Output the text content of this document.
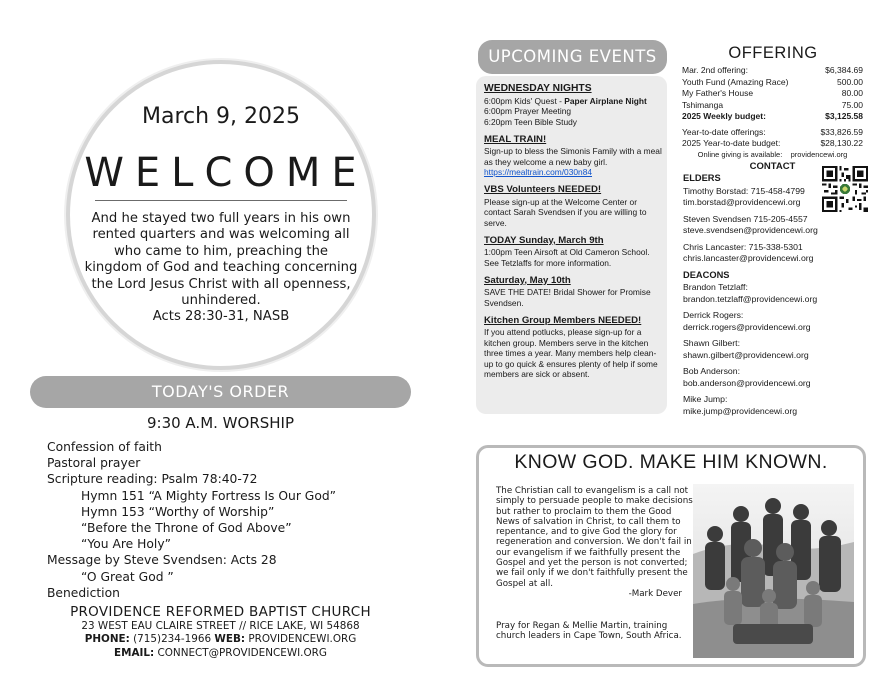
March 9, 2025
WELCOME
And he stayed two full years in his own rented quarters and was welcoming all who came to him, preaching the kingdom of God and teaching concerning the Lord Jesus Christ with all openness, unhindered.
Acts 28:30-31, NASB
TODAY'S ORDER
9:30 A.M. WORSHIP
Confession of faith
Pastoral prayer
Scripture reading: Psalm 78:40-72
Hymn 151 “A Mighty Fortress Is Our God”
Hymn 153 “Worthy of Worship”
“Before the Throne of God Above”
“You Are Holy”
Message by Steve Svendsen: Acts 28
“O Great God ”
Benediction
PROVIDENCE REFORMED BAPTIST CHURCH
23 WEST EAU CLAIRE STREET // RICE LAKE, WI 54868
PHONE: (715)234-1966 WEB: PROVIDENCEWI.ORG
EMAIL: CONNECT@PROVIDENCEWI.ORG
UPCOMING EVENTS
WEDNESDAY NIGHTS
6:00pm Kids' Quest - Paper Airplane Night
6:00pm Prayer Meeting
6:20pm Teen Bible Study
MEAL TRAIN!
Sign-up to bless the Simonis Family with a meal as they welcome a new baby girl.
https://mealtrain.com/030n84
VBS Volunteers NEEDED!
Please sign-up at the Welcome Center or contact Sarah Svendsen if you are willing to serve.
TODAY Sunday, March 9th
1:00pm Teen Airsoft at Old Cameron School. See Tetzlaffs for more information.
Saturday, May 10th
SAVE THE DATE! Bridal Shower for Promise Svendsen.
Kitchen Group Members NEEDED!
If you attend potlucks, please sign-up for a kitchen group. Members serve in the kitchen three times a year. Many members help clean-up to go quick & ensures plenty of help if some members are sick or absent.
OFFERING
Mar. 2nd offering:	$6,384.69
Youth Fund (Amazing Race)	500.00
My Father's House	80.00
Tshimanga	75.00
2025 Weekly budget:	$3,125.58
Year-to-date offerings:	$33,826.59
2025 Year-to-date budget:	$28,130.22
Online giving is available: providencewi.org
CONTACT
ELDERS
Timothy Borstad: 715-458-4799
tim.borstad@providencewi.org
Steven Svendsen 715-205-4557
steve.svendsen@providencewi.org
Chris Lancaster: 715-338-5301
chris.lancaster@providencewi.org
DEACONS
Brandon Tetzlaff:
brandon.tetzlaff@providencewi.org
Derrick Rogers:
derrick.rogers@providencewi.org
Shawn Gilbert:
shawn.gilbert@providencewi.org
Bob Anderson:
bob.anderson@providencewi.org
Mike Jump:
mike.jump@providencewi.org
KNOW GOD. MAKE HIM KNOWN.
The Christian call to evangelism is a call not simply to persuade people to make decisions but rather to proclaim to them the Good News of salvation in Christ, to call them to repentance, and to give God the glory for regeneration and conversion. We don't fail in our evangelism if we faithfully present the Gospel and yet the person is not converted; we fail only if we don't faithfully present the Gospel at all.
-Mark Dever
Pray for Regan & Mellie Martin, training church leaders in Cape Town, South Africa.
